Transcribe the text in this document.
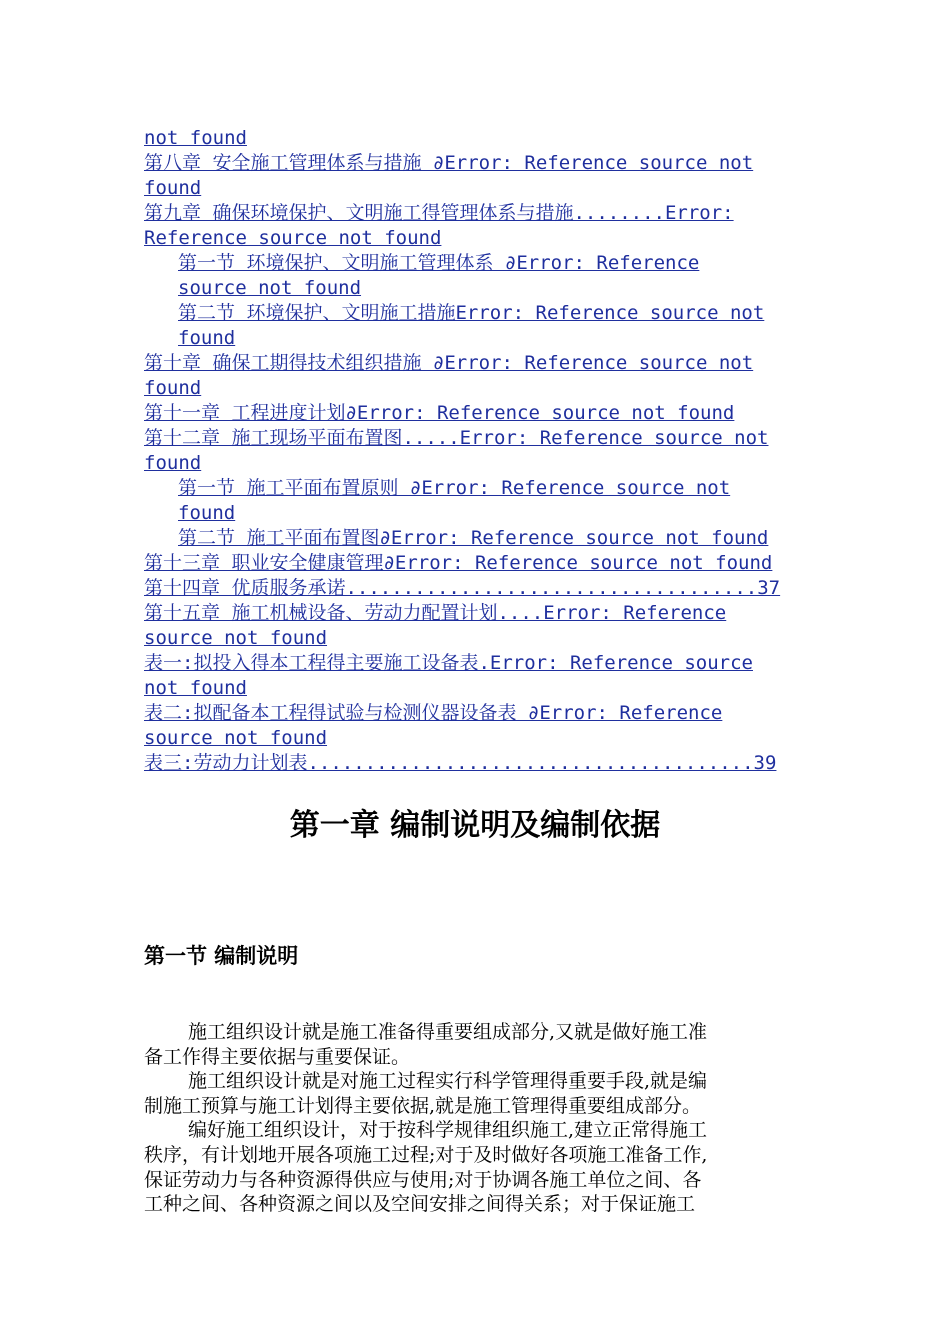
not found
第八章 安全施工管理体系与措施 ∂Error: Reference source not
found
第九章 确保环境保护、文明施工得管理体系与措施........Error:
Reference source not found
第一节 环境保护、文明施工管理体系 ∂Error: Reference
source not found
第二节 环境保护、文明施工措施Error: Reference source not
found
第十章 确保工期得技术组织措施 ∂Error: Reference source not
found
第十一章 工程进度计划∂Error: Reference source not found
第十二章 施工现场平面布置图.....Error: Reference source not
found
第一节 施工平面布置原则 ∂Error: Reference source not
found
第二节 施工平面布置图∂Error: Reference source not found
第十三章 职业安全健康管理∂Error: Reference source not found
第十四章 优质服务承诺....................................37
第十五章 施工机械设备、劳动力配置计划....Error: Reference
source not found
表一:拟投入得本工程得主要施工设备表.Error: Reference source
not found
表二:拟配备本工程得试验与检测仪器设备表 ∂Error: Reference
source not found
表三:劳动力计划表.......................................39
第一章 编制说明及编制依据
第一节 编制说明
施工组织设计就是施工准备得重要组成部分,又就是做好施工准
备工作得主要依据与重要保证。
施工组织设计就是对施工过程实行科学管理得重要手段,就是编
制施工预算与施工计划得主要依据,就是施工管理得重要组成部分。
编好施工组织设计，对于按科学规律组织施工,建立正常得施工
秩序，有计划地开展各项施工过程;对于及时做好各项施工准备工作,
保证劳动力与各种资源得供应与使用;对于协调各施工单位之间、各
工种之间、各种资源之间以及空间安排之间得关系；对于保证施工
